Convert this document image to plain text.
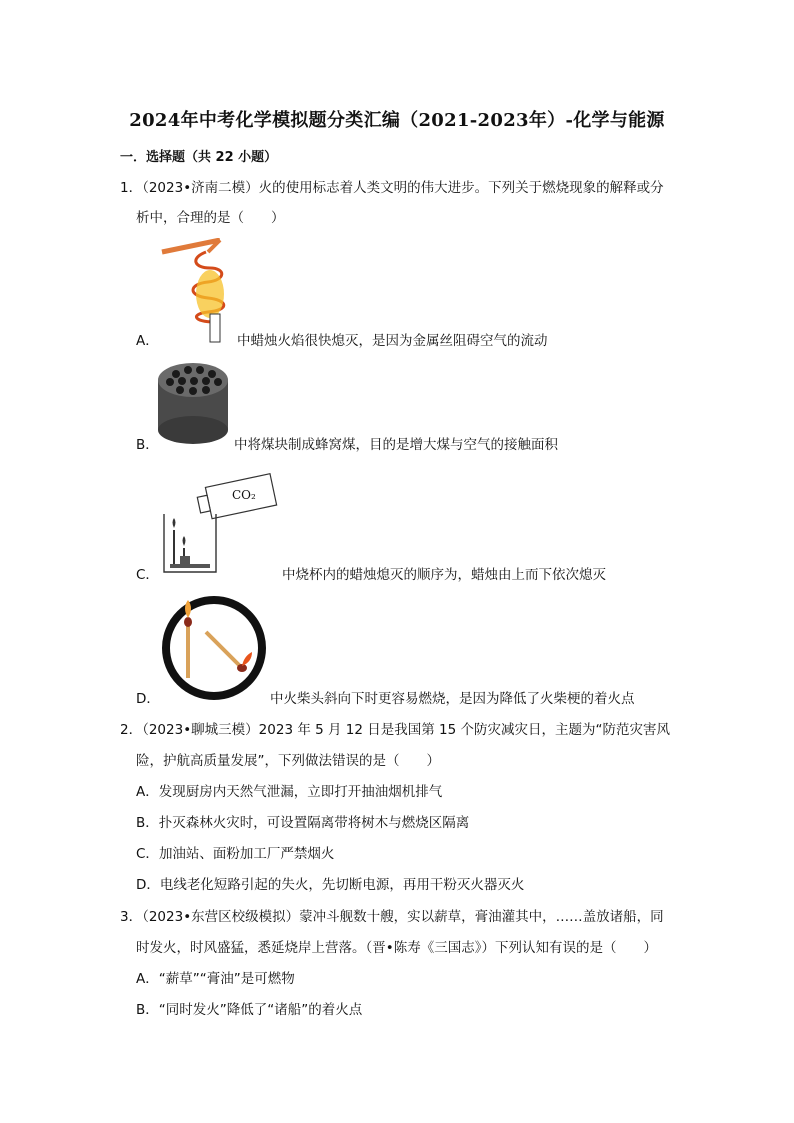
2024年中考化学模拟题分类汇编（2021-2023年）-化学与能源
一．选择题（共 22 小题）
1．（2023•济南二模）火的使用标志着人类文明的伟大进步。下列关于燃烧现象的解释或分
析中，合理的是（　　）
A．	中蜡烛火焰很快熄灭，是因为金属丝阻碍空气的流动
B．	中将煤块制成蜂窝煤，目的是增大煤与空气的接触面积
CO₂
C．	中烧杯内的蜡烛熄灭的顺序为，蜡烛由上而下依次熄灭
D．	中火柴头斜向下时更容易燃烧，是因为降低了火柴梗的着火点
2．（2023•聊城三模）2023 年 5 月 12 日是我国第 15 个防灾减灾日，主题为“防范灾害风
险，护航高质量发展”，下列做法错误的是（　　）
A．发现厨房内天然气泄漏，立即打开抽油烟机排气
B．扑灭森林火灾时，可设置隔离带将树木与燃烧区隔离
C．加油站、面粉加工厂严禁烟火
D．电线老化短路引起的失火，先切断电源，再用干粉灭火器灭火
3．（2023•东营区校级模拟）蒙冲斗舰数十艘，实以薪草，膏油灌其中，……盖放诸船，同
时发火，时风盛猛，悉延烧岸上营落。（晋•陈寿《三国志》）下列认知有误的是（　　）
A．“薪草”“膏油”是可燃物
B．“同时发火”降低了“诸船”的着火点
